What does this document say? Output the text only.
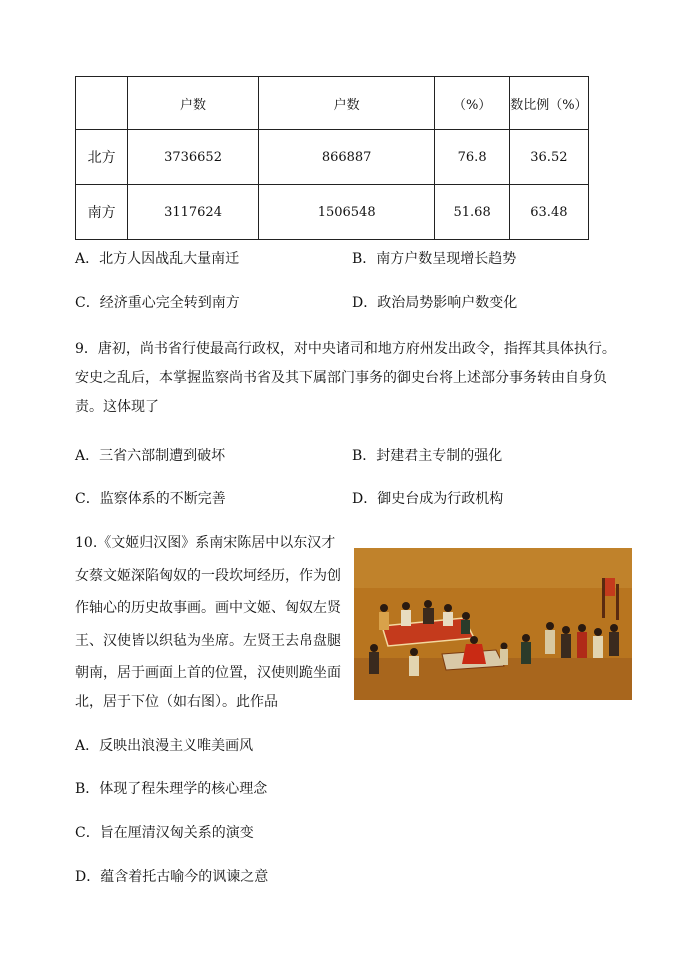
	户数	户数	（%）	数比例（%）
北方	3736652	866887	76.8	36.52
南方	3117624	1506548	51.68	63.48
A．北方人因战乱大量南迁	B．南方户数呈现增长趋势
C．经济重心完全转到南方	D．政治局势影响户数变化
9．唐初，尚书省行使最高行政权，对中央诸司和地方府州发出政令，指挥其具体执行。
安史之乱后，本掌握监察尚书省及其下属部门事务的御史台将上述部分事务转由自身负
责。这体现了
A．三省六部制遭到破坏	B．封建君主专制的强化
C．监察体系的不断完善	D．御史台成为行政机构
10.《文姬归汉图》系南宋陈居中以东汉才
女蔡文姬深陷匈奴的一段坎坷经历，作为创
作轴心的历史故事画。画中文姬、匈奴左贤
王、汉使皆以织毡为坐席。左贤王去帛盘腿
朝南，居于画面上首的位置，汉使则跪坐面
北，居于下位（如右图）。此作品
A．反映出浪漫主义唯美画风
B．体现了程朱理学的核心理念
C．旨在厘清汉匈关系的演变
D．蕴含着托古喻今的讽谏之意
